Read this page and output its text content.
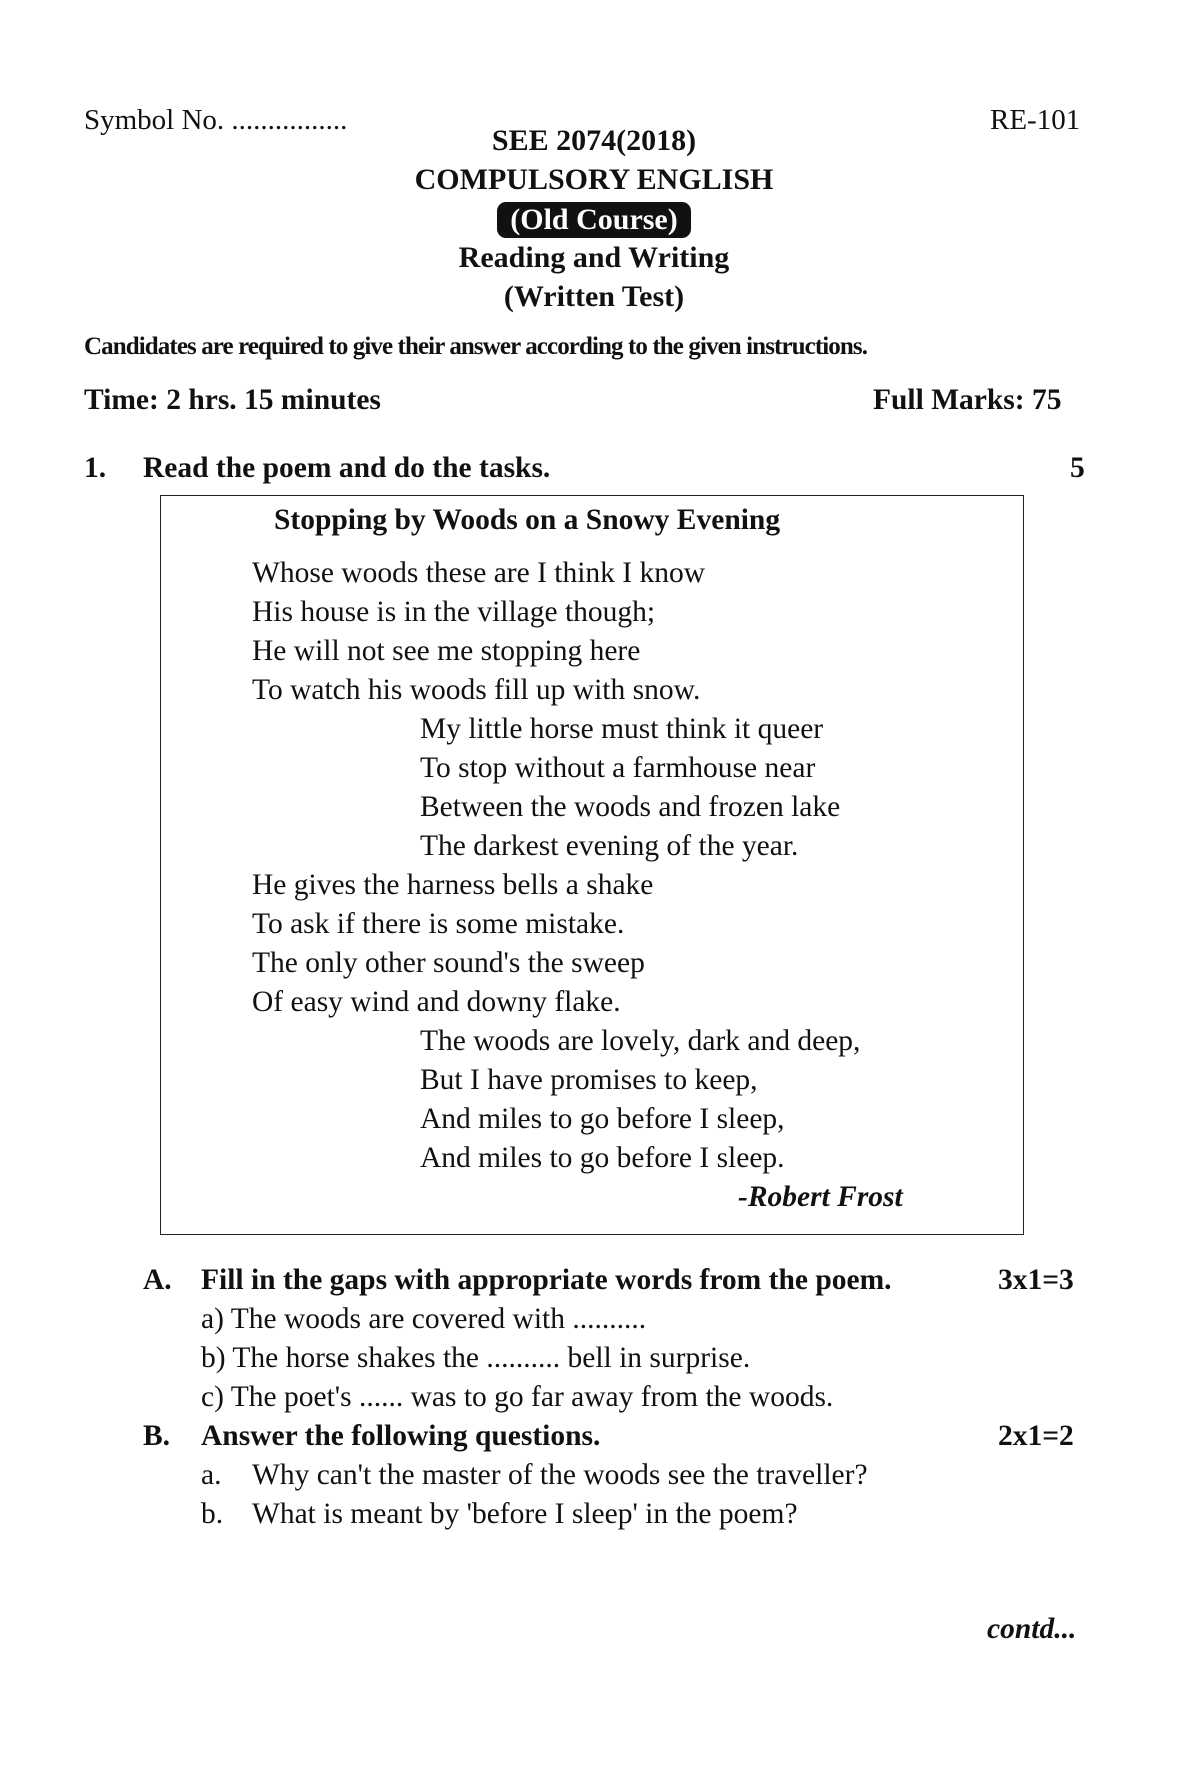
Symbol No. ................	RE-101
SEE 2074(2018)
COMPULSORY ENGLISH
(Old Course)
Reading and Writing
(Written Test)
Candidates are required to give their answer according to the given instructions.
Time: 2 hrs. 15 minutes	Full Marks: 75
1. Read the poem and do the tasks.	5
Stopping by Woods on a Snowy Evening
Whose woods these are I think I know
His house is in the village though;
He will not see me stopping here
To watch his woods fill up with snow.
My little horse must think it queer
To stop without a farmhouse near
Between the woods and frozen lake
The darkest evening of the year.
He gives the harness bells a shake
To ask if there is some mistake.
The only other sound's the sweep
Of easy wind and downy flake.
The woods are lovely, dark and deep,
But I have promises to keep,
And miles to go before I sleep,
And miles to go before I sleep.
-Robert Frost
A. Fill in the gaps with appropriate words from the poem.	3x1=3
a) The woods are covered with ..........
b) The horse shakes the .......... bell in surprise.
c) The poet's ...... was to go far away from the woods.
B. Answer the following questions.	2x1=2
a. Why can't the master of the woods see the traveller?
b. What is meant by 'before I sleep' in the poem?
contd...
